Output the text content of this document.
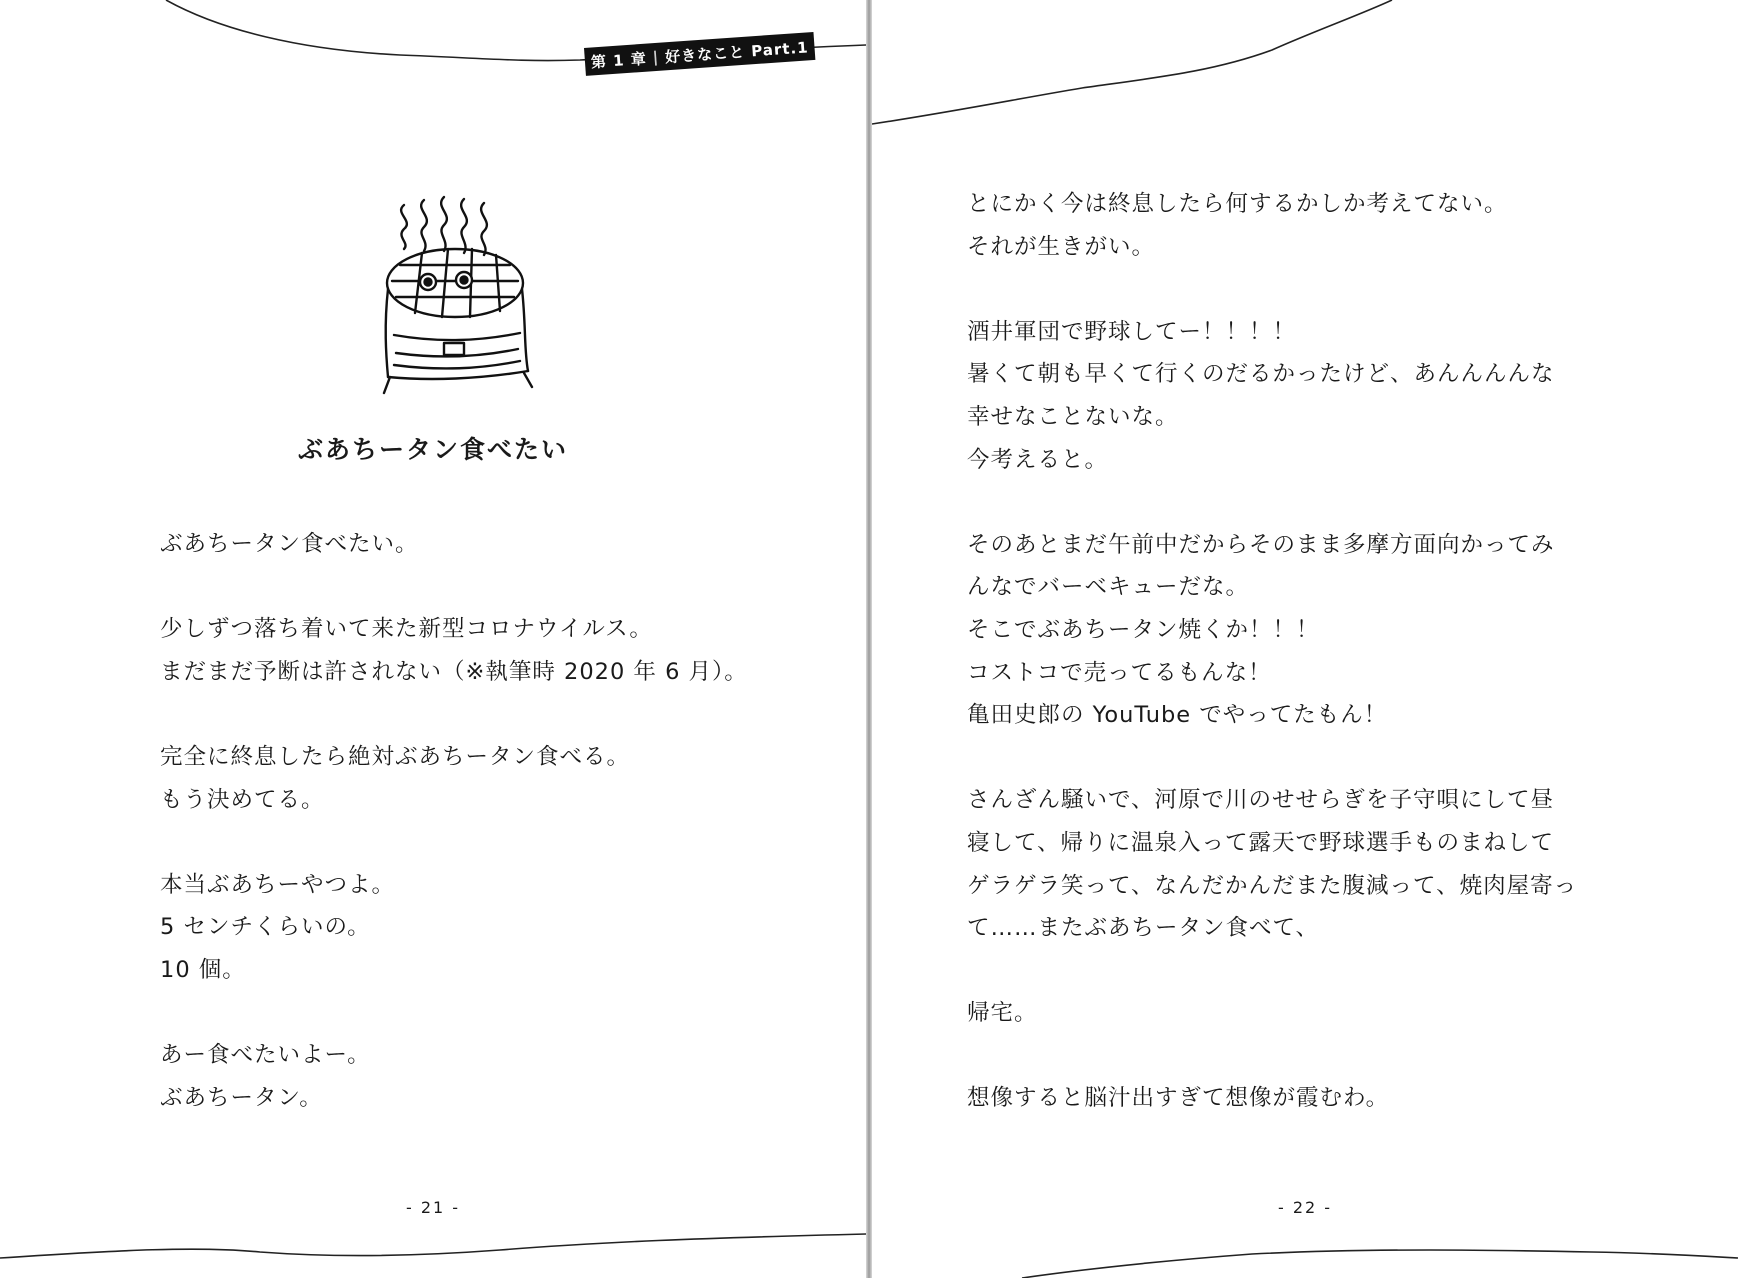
第 1 章 | 好きなこと Part.1
ぶあちータン食べたい

ぶあちータン食べたい。

少しずつ落ち着いて来た新型コロナウイルス。

まだまだ予断は許されない（※執筆時 2020 年 6 月）。

完全に終息したら絶対ぶあちータン食べる。

もう決めてる。

本当ぶあちーやつよ。

5 センチくらいの。

10 個。

あー食べたいよー。

ぶあちータン。

- 21 -

とにかく今は終息したら何するかしか考えてない。

それが生きがい。

酒井軍団で野球してー！！！！

暑くて朝も早くて行くのだるかったけど、あんんんんな

幸せなことないな。

今考えると。

そのあとまだ午前中だからそのまま多摩方面向かってみ

んなでバーベキューだな。

そこでぶあちータン焼くか！！！

コストコで売ってるもんな！

亀田史郎の YouTube でやってたもん！

さんざん騒いで、河原で川のせせらぎを子守唄にして昼

寝して、帰りに温泉入って露天で野球選手ものまねして

ゲラゲラ笑って、なんだかんだまた腹減って、焼肉屋寄っ

て……またぶあちータン食べて、

帰宅。

想像すると脳汁出すぎて想像が霞むわ。

- 22 -
